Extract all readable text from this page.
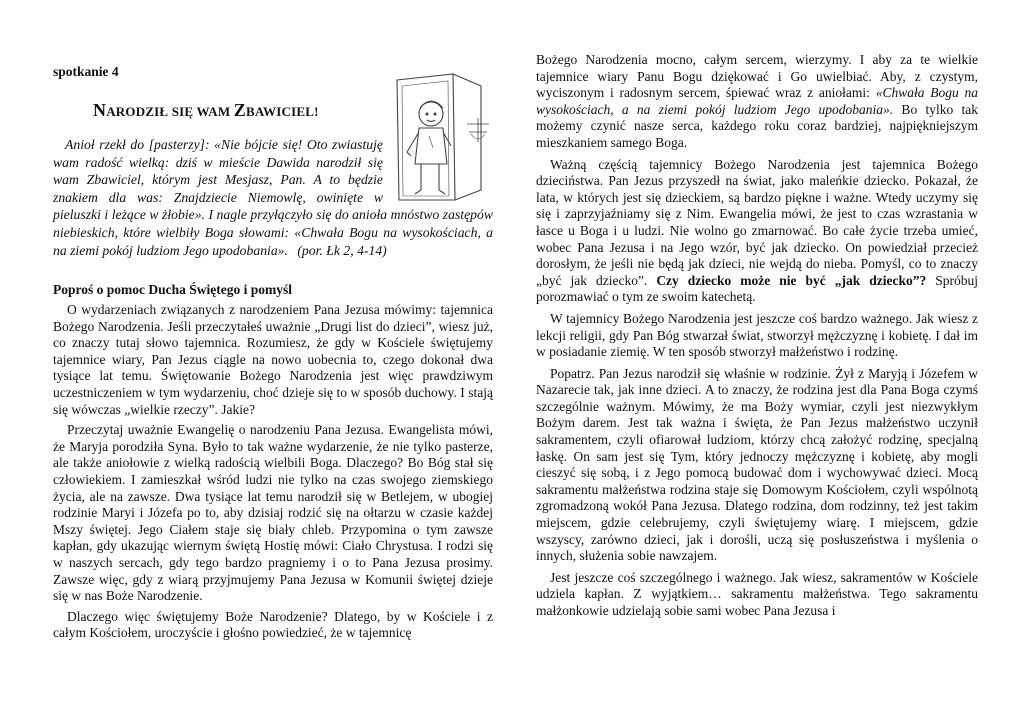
spotkanie 4
NARODZIŁ SIĘ WAM ZBAWICIEL!

Anioł rzekł do [pasterzy]: «Nie bójcie się! Oto zwiastuję wam radość wielką: dziś w mieście Dawida narodził się wam Zbawiciel, którym jest Mesjasz, Pan. A to będzie znakiem dla was: Znajdziecie Niemowlę, owinięte w pieluszki i leżące w żłobie». I nagle przyłączyło się do anioła mnóstwo zastępów niebieskich, które wielbiły Boga słowami: «Chwała Bogu na wysokościach, a na ziemi pokój ludziom Jego upodobania». (por. Łk 2, 4-14)

Poproś o pomoc Ducha Świętego i pomyśl

O wydarzeniach związanych z narodzeniem Pana Jezusa mówimy: tajemnica Bożego Narodzenia. Jeśli przeczytałeś uważnie „Drugi list do dzieci”, wiesz już, co znaczy tutaj słowo tajemnica. Rozumiesz, że gdy w Kościele świętujemy tajemnice wiary, Pan Jezus ciągle na nowo uobecnia to, czego dokonał dwa tysiące lat temu. Świętowanie Bożego Narodzenia jest więc prawdziwym uczestniczeniem w tym wydarzeniu, choć dzieje się to w sposób duchowy. I stają się wówczas „wielkie rzeczy”. Jakie?

Przeczytaj uważnie Ewangelię o narodzeniu Pana Jezusa. Ewangelista mówi, że Maryja porodziła Syna. Było to tak ważne wydarzenie, że nie tylko pasterze, ale także aniołowie z wielką radością wielbili Boga. Dlaczego? Bo Bóg stał się człowiekiem. I zamieszkał wśród ludzi nie tylko na czas swojego ziemskiego życia, ale na zawsze. Dwa tysiące lat temu narodził się w Betlejem, w ubogiej rodzinie Maryi i Józefa po to, aby dzisiaj rodzić się na ołtarzu w czasie każdej Mszy świętej. Jego Ciałem staje się biały chleb. Przypomina o tym zawsze kapłan, gdy ukazując wiernym świętą Hostię mówi: Ciało Chrystusa. I rodzi się w naszych sercach, gdy tego bardzo pragniemy i o to Pana Jezusa prosimy. Zawsze więc, gdy z wiarą przyjmujemy Pana Jezusa w Komunii świętej dzieje się w nas Boże Narodzenie.

Dlaczego więc świętujemy Boże Narodzenie? Dlatego, by w Kościele i z całym Kościołem, uroczyście i głośno powiedzieć, że w tajemnicę

Bożego Narodzenia mocno, całym sercem, wierzymy. I aby za te wielkie tajemnice wiary Panu Bogu dziękować i Go uwielbiać. Aby, z czystym, wyciszonym i radosnym sercem, śpiewać wraz z aniołami: «Chwała Bogu na wysokościach, a na ziemi pokój ludziom Jego upodobania». Bo tylko tak możemy czynić nasze serca, każdego roku coraz bardziej, najpiękniejszym mieszkaniem samego Boga.

Ważną częścią tajemnicy Bożego Narodzenia jest tajemnica Bożego dzieciństwa. Pan Jezus przyszedł na świat, jako maleńkie dziecko. Pokazał, że lata, w których jest się dzieckiem, są bardzo piękne i ważne. Wtedy uczymy się się i zaprzyjaźniamy się z Nim. Ewangelia mówi, że jest to czas wzrastania w łasce u Boga i u ludzi. Nie wolno go zmarnować. Bo całe życie trzeba umieć, wobec Pana Jezusa i na Jego wzór, być jak dziecko. On powiedział przecież dorosłym, że jeśli nie będą jak dzieci, nie wejdą do nieba. Pomyśl, co to znaczy „być jak dziecko”. Czy dziecko może nie być „jak dziecko”? Spróbuj porozmawiać o tym ze swoim katechetą.

W tajemnicy Bożego Narodzenia jest jeszcze coś bardzo ważnego. Jak wiesz z lekcji religii, gdy Pan Bóg stwarzał świat, stworzył mężczyznę i kobietę. I dał im w posiadanie ziemię. W ten sposób stworzył małżeństwo i rodzinę.

Popatrz. Pan Jezus narodził się właśnie w rodzinie. Żył z Maryją i Józefem w Nazarecie tak, jak inne dzieci. A to znaczy, że rodzina jest dla Pana Boga czymś szczególnie ważnym. Mówimy, że ma Boży wymiar, czyli jest niezwykłym Bożym darem. Jest tak ważna i święta, że Pan Jezus małżeństwo uczynił sakramentem, czyli ofiarował ludziom, którzy chcą założyć rodzinę, specjalną łaskę. On sam jest się Tym, który jednoczy mężczyznę i kobietę, aby mogli cieszyć się sobą, i z Jego pomocą budować dom i wychowywać dzieci. Mocą sakramentu małżeństwa rodzina staje się Domowym Kościołem, czyli wspólnotą zgromadzoną wokół Pana Jezusa. Dlatego rodzina, dom rodzinny, też jest takim miejscem, gdzie celebrujemy, czyli świętujemy wiarę. I miejscem, gdzie wszyscy, zarówno dzieci, jak i dorośli, uczą się posłuszeństwa i myślenia o innych, służenia sobie nawzajem.

Jest jeszcze coś szczególnego i ważnego. Jak wiesz, sakramentów w Kościele udziela kapłan. Z wyjątkiem… sakramentu małżeństwa. Tego sakramentu małżonkowie udzielają sobie sami wobec Pana Jezusa i
